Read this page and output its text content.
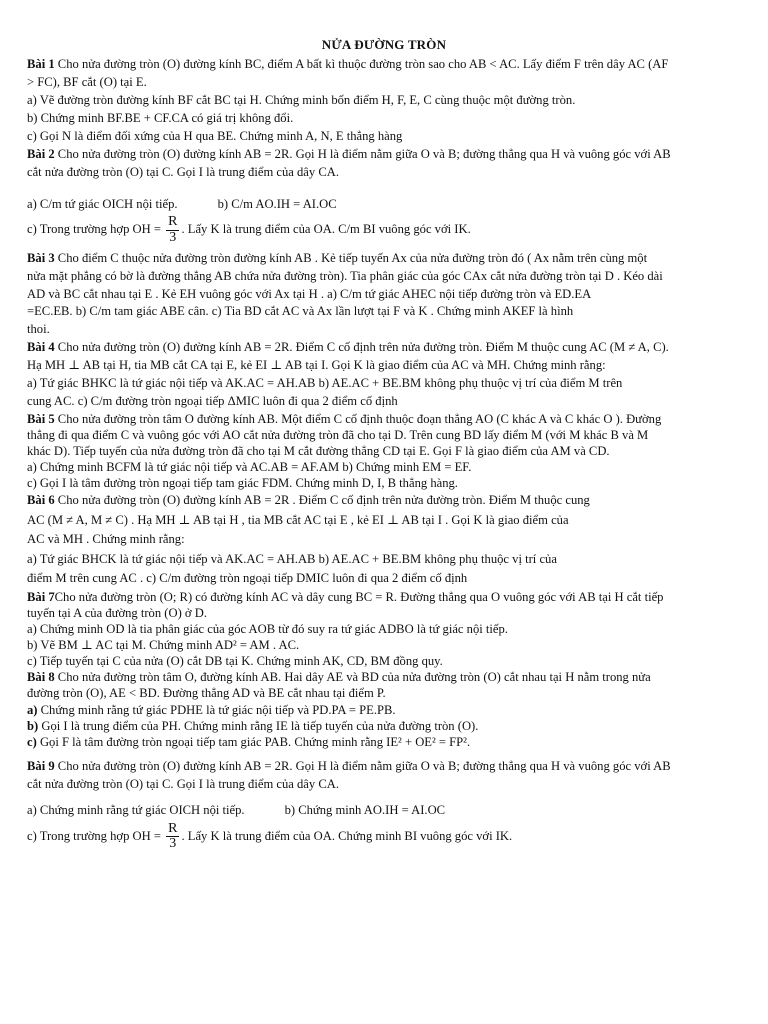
NỬA ĐƯỜNG TRÒN

Bài 1 Cho nửa đường tròn (O) đường kính BC, điểm A bất kì thuộc đường tròn sao cho AB < AC. Lấy điểm F trên dây AC (AF

> FC), BF cắt (O) tại E.

a) Vẽ đường tròn đường kính BF cắt BC tại H. Chứng minh bốn điểm H, F, E, C cùng thuộc một đường tròn.

b) Chứng minh BF.BE + CF.CA có giá trị không đổi.

c) Gọi N là điểm đối xứng của H qua BE. Chứng minh A, N, E thẳng hàng

Bài 2 Cho nửa đường tròn (O) đường kính AB = 2R. Gọi H là điểm nằm giữa O và B; đường thẳng qua H và vuông góc với AB

cắt nửa đường tròn (O) tại C. Gọi I là trung điểm của dây CA.

a) C/m tứ giác OICH nội tiếp.	b) C/m AO.IH = AI.OC

c) Trong trường hợp OH = $\frac{R}{3}$ . Lấy K là trung điểm của OA. C/m BI vuông góc với IK.

Bài 3 Cho điểm C thuộc nửa đường tròn đường kính AB . Kẻ tiếp tuyến Ax của nửa đường tròn đó ( Ax nằm trên cùng một

nửa mặt phẳng có bờ là đường thẳng AB chứa nửa đường tròn). Tia phân giác của góc CAx cắt nửa đường tròn tại D . Kéo dài

AD và BC cắt nhau tại E . Kẻ EH vuông góc với Ax tại H . a) C/m tứ giác AHEC nội tiếp đường tròn và ED.EA

=EC.EB. b) C/m tam giác ABE cân. c) Tia BD cắt AC và Ax lần lượt tại F và K . Chứng minh AKEF là hình

thoi.

Bài 4 Cho nửa đường tròn (O) đường kính AB = 2R. Điểm C cố định trên nửa đường tròn. Điểm M thuộc cung AC (M ≠ A, C).

Hạ MH ⊥ AB tại H, tia MB cắt CA tại E, kẻ EI ⊥ AB tại I. Gọi K là giao điểm của AC và MH. Chứng minh rằng:

a) Tứ giác BHKC là tứ giác nội tiếp và AK.AC = AH.AB b) AE.AC + BE.BM không phụ thuộc vị trí của điểm M trên

cung AC. c) C/m đường tròn ngoại tiếp ΔMIC luôn đi qua 2 điểm cố định

Bài 5 Cho nửa đường tròn tâm O đường kính AB. Một điểm C cố định thuộc đoạn thẳng AO (C khác A và C khác O ). Đường

thẳng đi qua điểm C và vuông góc với AO cắt nửa đường tròn đã cho tại D. Trên cung BD lấy điểm M (với M khác B và M

khác D). Tiếp tuyến của nửa đường tròn đã cho tại M cắt đường thẳng CD tại E. Gọi F là giao điểm của AM và CD.

a) Chứng minh BCFM là tứ giác nội tiếp và AC.AB = AF.AM b) Chứng minh EM = EF.

c) Gọi I là tâm đường tròn ngoại tiếp tam giác FDM. Chứng minh D, I, B thẳng hàng.

Bài 6 Cho nửa đường tròn (O) đường kính AB = 2R . Điểm C cố định trên nửa đường tròn. Điểm M thuộc cung

AC (M ≠ A, M ≠ C) . Hạ MH ⊥ AB tại H , tia MB cắt AC tại E , kẻ EI ⊥ AB tại I . Gọi K là giao điểm của

AC và MH . Chứng minh rằng:

a) Tứ giác BHCK là tứ giác nội tiếp và AK.AC = AH.AB b) AE.AC + BE.BM không phụ thuộc vị trí của

điểm M trên cung AC . c) C/m đường tròn ngoại tiếp DMIC luôn đi qua 2 điểm cố định

Bài 7Cho nửa đường tròn (O; R) có đường kính AC và dây cung BC = R. Đường thẳng qua O vuông góc với AB tại H cắt tiếp

tuyến tại A của đường tròn (O) ở D.

a) Chứng minh OD là tia phân giác của góc AOB từ đó suy ra tứ giác ADBO là tứ giác nội tiếp.

b) Vẽ BM ⊥ AC tại M. Chứng minh AD² = AM . AC.

c) Tiếp tuyến tại C của nửa (O) cắt DB tại K. Chứng minh AK, CD, BM đồng quy.

Bài 8 Cho nửa đường tròn tâm O, đường kính AB. Hai dây AE và BD của nửa đường tròn (O) cắt nhau tại H nằm trong nửa

đường tròn (O), AE < BD. Đường thẳng AD và BE cắt nhau tại điểm P.

a) Chứng minh rằng tứ giác PDHE là tứ giác nội tiếp và PD.PA = PE.PB.

b) Gọi I là trung điểm của PH. Chứng minh rằng IE là tiếp tuyến của nửa đường tròn (O).

c) Gọi F là tâm đường tròn ngoại tiếp tam giác PAB. Chứng minh rằng IE² + OE² = FP².

Bài 9 Cho nửa đường tròn (O) đường kính AB = 2R. Gọi H là điểm nằm giữa O và B; đường thẳng qua H và vuông góc với AB

cắt nửa đường tròn (O) tại C. Gọi I là trung điểm của dây CA.

a) Chứng minh rằng tứ giác OICH nội tiếp.	b) Chứng minh AO.IH = AI.OC

c) Trong trường hợp OH = $\frac{R}{3}$ . Lấy K là trung điểm của OA. Chứng minh BI vuông góc với IK.
